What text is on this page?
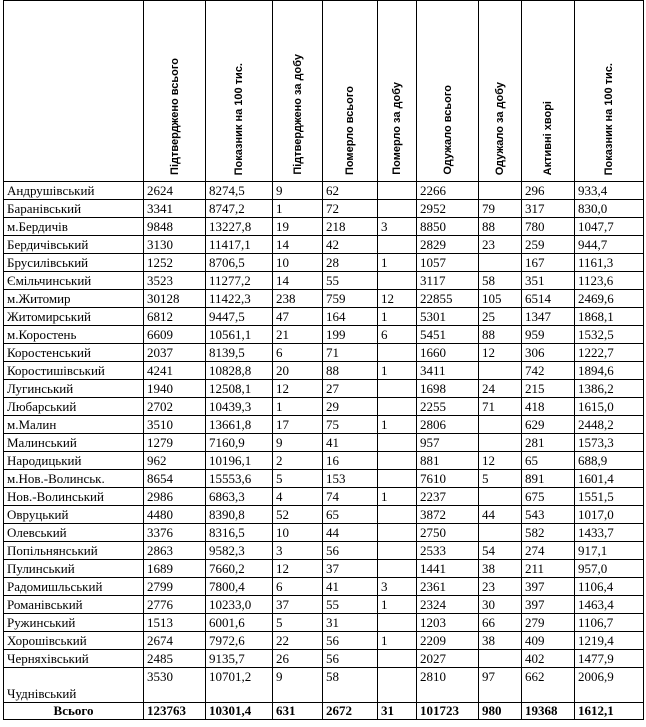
	Підтверджено всього	Показник на 100 тис.	Підтверджено за добу	Померло всього	Померло за добу	Одужало всього	Одужало за добу	Активні хворі	Показник на 100 тис.

Андрушівський	2624	8274,5	9	62		2266		296	933,4
Баранівський	3341	8747,2	1	72		2952	79	317	830,0
м.Бердичів	9848	13227,8	19	218	3	8850	88	780	1047,7
Бердичівський	3130	11417,1	14	42		2829	23	259	944,7
Брусилівський	1252	8706,5	10	28	1	1057		167	1161,3
Ємільчинський	3523	11277,2	14	55		3117	58	351	1123,6
м.Житомир	30128	11422,3	238	759	12	22855	105	6514	2469,6
Житомирський	6812	9447,5	47	164	1	5301	25	1347	1868,1
м.Коростень	6609	10561,1	21	199	6	5451	88	959	1532,5
Коростенський	2037	8139,5	6	71		1660	12	306	1222,7
Коростишівський	4241	10828,8	20	88	1	3411		742	1894,6
Лугинський	1940	12508,1	12	27		1698	24	215	1386,2
Любарський	2702	10439,3	1	29		2255	71	418	1615,0
м.Малин	3510	13661,8	17	75	1	2806		629	2448,2
Малинський	1279	7160,9	9	41		957		281	1573,3
Народицький	962	10196,1	2	16		881	12	65	688,9
м.Нов.-Волинськ.	8654	15553,6	5	153		7610	5	891	1601,4
Нов.-Волинський	2986	6863,3	4	74	1	2237		675	1551,5
Овруцький	4480	8390,8	52	65		3872	44	543	1017,0
Олевський	3376	8316,5	10	44		2750		582	1433,7
Попільнянський	2863	9582,3	3	56		2533	54	274	917,1
Пулинський	1689	7660,2	12	37		1441	38	211	957,0
Радомишльський	2799	7800,4	6	41	3	2361	23	397	1106,4
Романівський	2776	10233,0	37	55	1	2324	30	397	1463,4
Ружинський	1513	6001,6	5	31		1203	66	279	1106,7
Хорошівський	2674	7972,6	22	56	1	2209	38	409	1219,4
Черняхівський	2485	9135,7	26	56		2027		402	1477,9
Чуднівський	3530	10701,2	9	58		2810	97	662	2006,9
Всього	123763	10301,4	631	2672	31	101723	980	19368	1612,1
